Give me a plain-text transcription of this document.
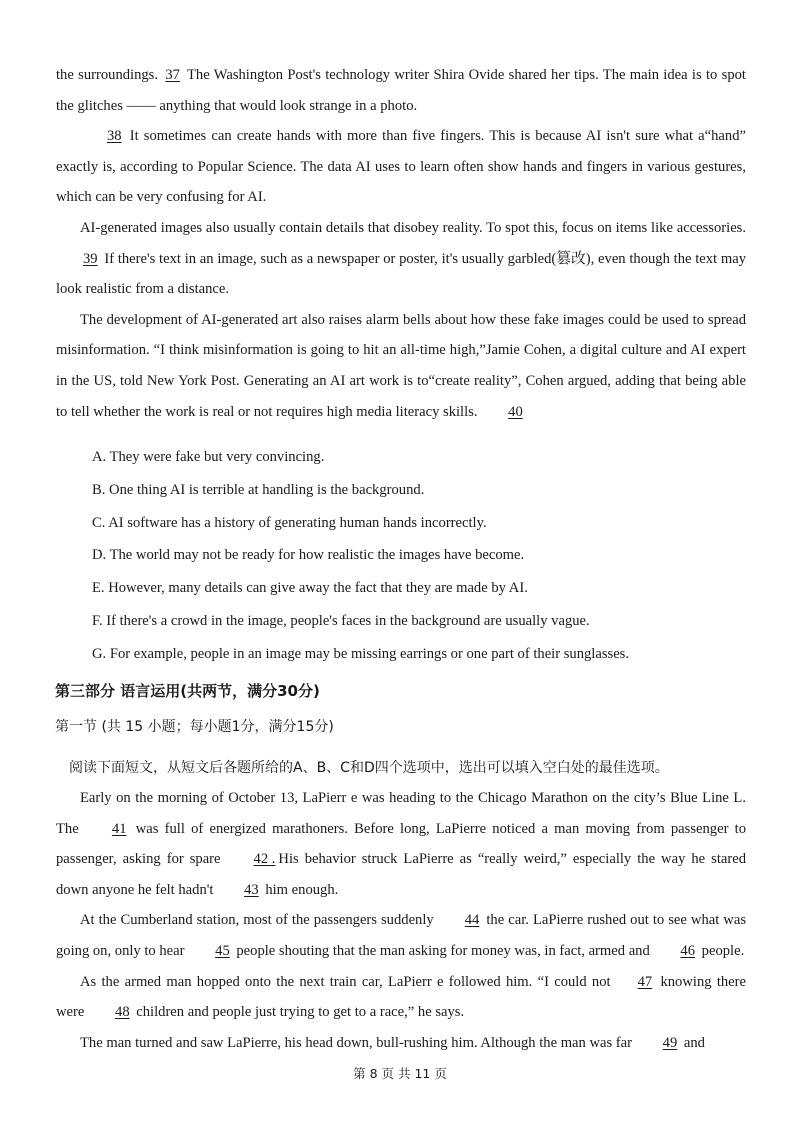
the surroundings. 37 The Washington Post's technology writer Shira Ovide shared her tips. The main idea is to spot the glitches —— anything that would look strange in a photo.

38 It sometimes can create hands with more than five fingers. This is because AI isn't sure what a“hand” exactly is, according to Popular Science. The data AI uses to learn often show hands and fingers in various gestures, which can be very confusing for AI.

AI-generated images also usually contain details that disobey reality. To spot this, focus on items like accessories. 39 If there's text in an image, such as a newspaper or poster, it's usually garbled(篡改), even though the text may look realistic from a distance.

The development of AI-generated art also raises alarm bells about how these fake images could be used to spread misinformation. “I think misinformation is going to hit an all-time high,”Jamie Cohen, a digital culture and AI expert in the US, told New York Post. Generating an AI art work is to“create reality”, Cohen argued, adding that being able to tell whether the work is real or not requires high media literacy skills. 40

A. They were fake but very convincing.

B. One thing AI is terrible at handling is the background.

C. AI software has a history of generating human hands incorrectly.

D. The world may not be ready for how realistic the images have become.

E. However, many details can give away the fact that they are made by AI.

F. If there's a crowd in the image, people's faces in the background are usually vague.

G. For example, people in an image may be missing earrings or one part of their sunglasses.

第三部分 语言运用(共两节，满分30分)
第一节 (共 15 小题；每小题1分，满分15分)
阅读下面短文，从短文后各题所给的A、B、C和D四个选项中，选出可以填入空白处的最佳选项。

Early on the morning of October 13, LaPierr e was heading to the Chicago Marathon on the city’s Blue Line L. The 41 was full of energized marathoners. Before long, LaPierre noticed a man moving from passenger to passenger, asking for spare 42 . His behavior struck LaPierre as “really weird,” especially the way he stared down anyone he felt hadn't 43 him enough.

At the Cumberland station, most of the passengers suddenly 44 the car. LaPierre rushed out to see what was going on, only to hear 45 people shouting that the man asking for money was, in fact, armed and 46 people.

As the armed man hopped onto the next train car, LaPierr e followed him. “I could not 47 knowing there were 48 children and people just trying to get to a race,” he says.

The man turned and saw LaPierre, his head down, bull-rushing him. Although the man was far 49 and

第 8 页 共 11 页
